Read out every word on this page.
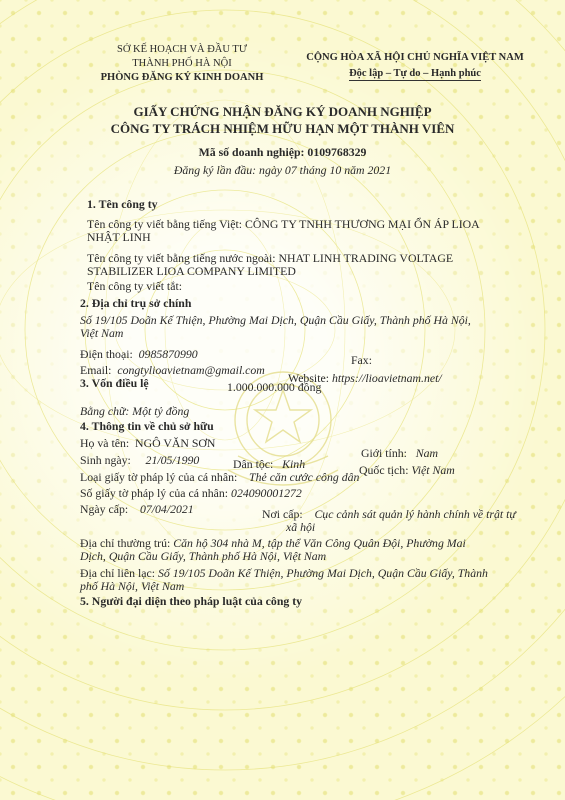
SỞ KẾ HOẠCH VÀ ĐẦU TƯ
THÀNH PHỐ HÀ NỘI
PHÒNG ĐĂNG KÝ KINH DOANH
CỘNG HÒA XÃ HỘI CHỦ NGHĨA VIỆT NAM
Độc lập – Tự do – Hạnh phúc
GIẤY CHỨNG NHẬN ĐĂNG KÝ DOANH NGHIỆP
CÔNG TY TRÁCH NHIỆM HỮU HẠN MỘT THÀNH VIÊN
Mã số doanh nghiệp: 0109768329
Đăng ký lần đầu: ngày 07 tháng 10 năm 2021
1. Tên công ty
Tên công ty viết bằng tiếng Việt: CÔNG TY TNHH THƯƠNG MẠI ỔN ÁP LIOA
NHẬT LINH
Tên công ty viết bằng tiếng nước ngoài: NHAT LINH TRADING VOLTAGE
STABILIZER LIOA COMPANY LIMITED
Tên công ty viết tắt:
2. Địa chỉ trụ sở chính
Số 19/105 Doãn Kế Thiện, Phường Mai Dịch, Quận Cầu Giấy, Thành phố Hà Nội,
Việt Nam
Điện thoại: 0985870990	Fax:
Email: congtylioavietnam@gmail.com
Website: https://lioavietnam.net/
3. Vốn điều lệ	1.000.000.000 đồng
Bằng chữ: Một tỷ đồng
4. Thông tin về chủ sở hữu
Họ và tên: NGÔ VĂN SƠN
Giới tính: Nam
Sinh ngày: 21/05/1990	Dân tộc: Kinh	Quốc tịch: Việt Nam
Loại giấy tờ pháp lý của cá nhân: Thẻ căn cước công dân
Số giấy tờ pháp lý của cá nhân: 024090001272
Ngày cấp: 07/04/2021	Nơi cấp: Cục cảnh sát quản lý hành chính về trật tự
xã hội
Địa chỉ thường trú: Căn hộ 304 nhà M, tập thể Văn Công Quân Đội, Phường Mai
Dịch, Quận Cầu Giấy, Thành phố Hà Nội, Việt Nam
Địa chỉ liên lạc: Số 19/105 Doãn Kế Thiện, Phường Mai Dịch, Quận Cầu Giấy, Thành
phố Hà Nội, Việt Nam
5. Người đại diện theo pháp luật của công ty
